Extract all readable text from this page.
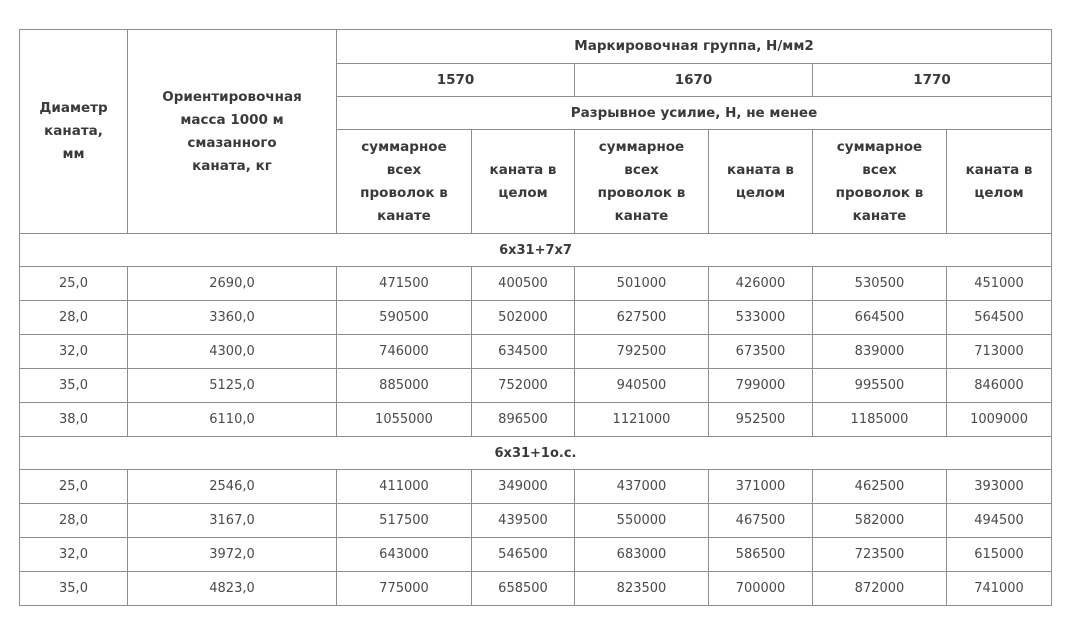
Диаметр каната, мм	Ориентировочная масса 1000 м смазанного каната, кг	Маркировочная группа, Н/мм2					
		1570		1670		1770	
		Разрывное усилие, Н, не менее					
		суммарное всех проволок в канате	каната в целом	суммарное всех проволок в канате	каната в целом	суммарное всех проволок в канате	каната в целом
6х31+7х7							
25,0	2690,0	471500	400500	501000	426000	530500	451000
28,0	3360,0	590500	502000	627500	533000	664500	564500
32,0	4300,0	746000	634500	792500	673500	839000	713000
35,0	5125,0	885000	752000	940500	799000	995500	846000
38,0	6110,0	1055000	896500	1121000	952500	1185000	1009000
6х31+1о.с.							
25,0	2546,0	411000	349000	437000	371000	462500	393000
28,0	3167,0	517500	439500	550000	467500	582000	494500
32,0	3972,0	643000	546500	683000	586500	723500	615000
35,0	4823,0	775000	658500	823500	700000	872000	741000
